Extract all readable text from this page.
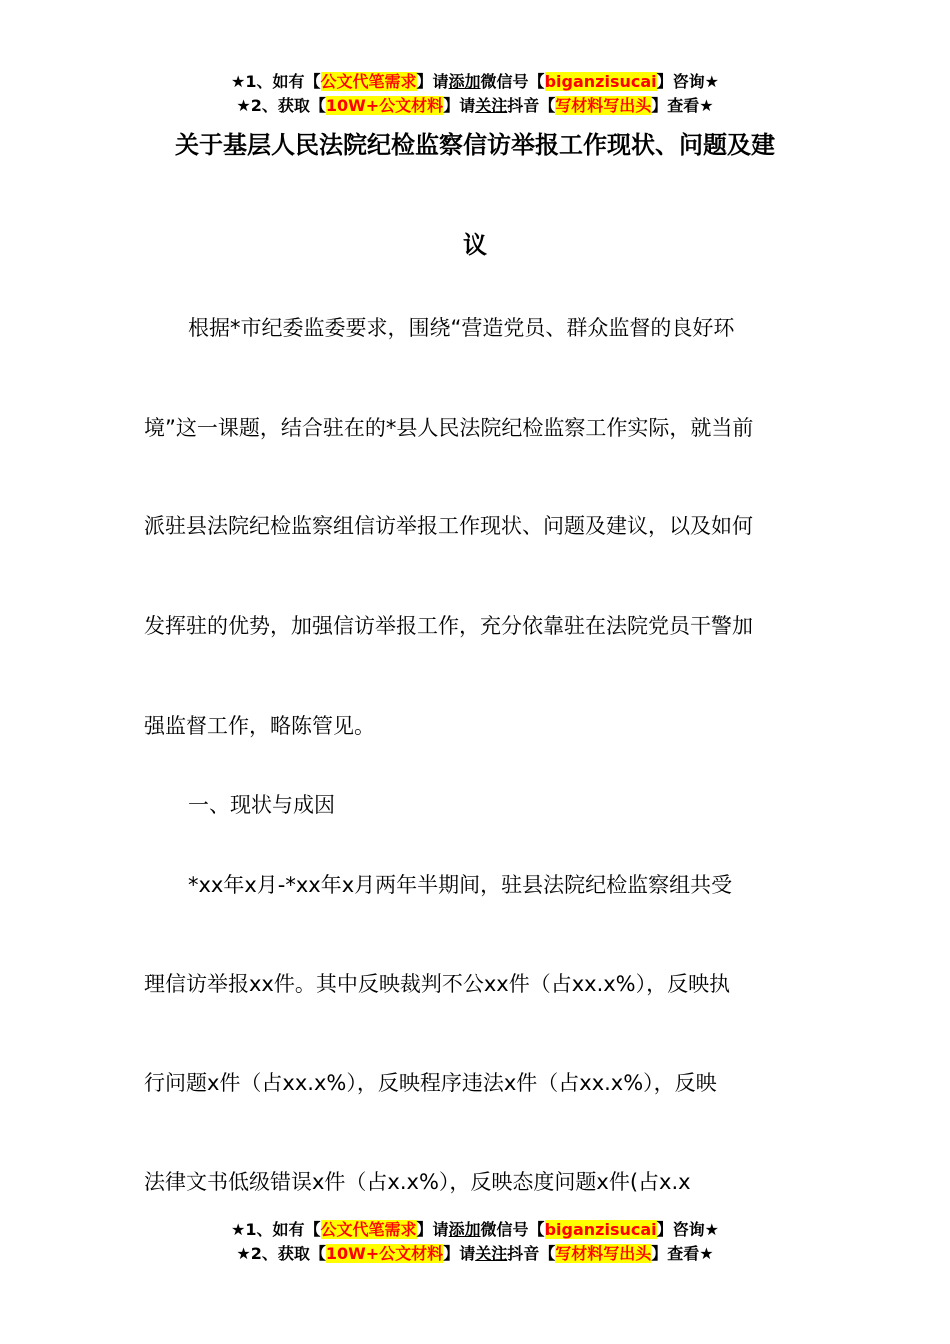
★1、如有【公文代笔需求】请添加微信号【biganzisucai】咨询★
★2、获取【10W+公文材料】请关注抖音【写材料写出头】查看★
关于基层人民法院纪检监察信访举报工作现状、问题及建
议
根据*市纪委监委要求，围绕“营造党员、群众监督的良好环
境”这一课题，结合驻在的*县人民法院纪检监察工作实际，就当前
派驻县法院纪检监察组信访举报工作现状、问题及建议，以及如何
发挥驻的优势，加强信访举报工作，充分依靠驻在法院党员干警加
强监督工作，略陈管见。
一、现状与成因
*xx年x月-*xx年x月两年半期间，驻县法院纪检监察组共受
理信访举报xx件。其中反映裁判不公xx件（占xx.x%），反映执
行问题x件（占xx.x%），反映程序违法x件（占xx.x%），反映
法律文书低级错误x件（占x.x%），反映态度问题x件(占x.x
★1、如有【公文代笔需求】请添加微信号【biganzisucai】咨询★
★2、获取【10W+公文材料】请关注抖音【写材料写出头】查看★
